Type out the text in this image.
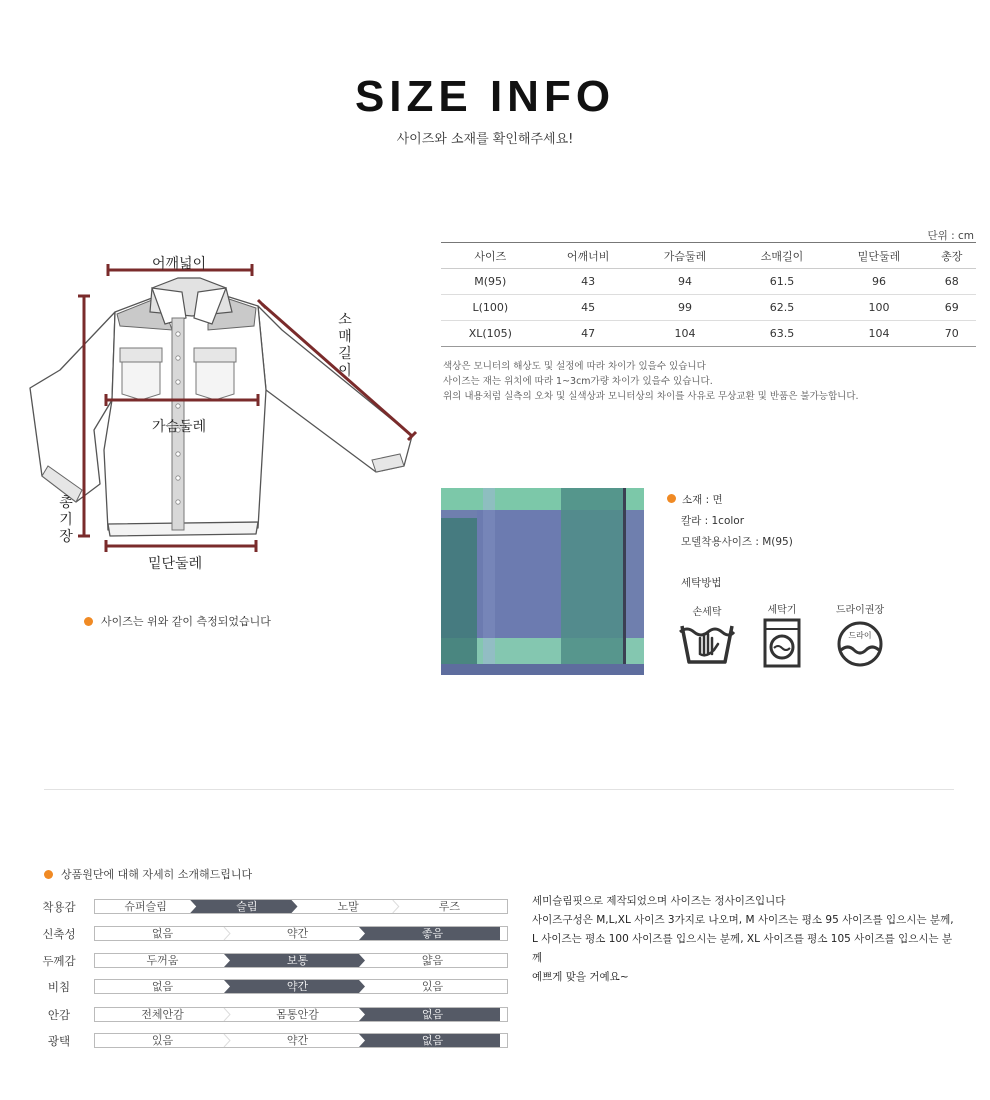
SIZE INFO
사이즈와 소재를 확인해주세요!
어깨넓이
소
매
길
이
가슴둘레
총
기
장
밑단둘레
사이즈는 위와 같이 측정되었습니다
단위 : cm
사이즈	어깨너비	가슴둘레	소매길이	밑단둘레	총장
M(95)	43	94	61.5	96	68
L(100)	45	99	62.5	100	69
XL(105)	47	104	63.5	104	70
색상은 모니터의 해상도 및 설정에 따라 차이가 있을수 있습니다
사이즈는 재는 위치에 따라 1~3cm가량 차이가 있을수 있습니다.
위의 내용처럼 실측의 오차 및 실색상과 모니터상의 차이를 사유로 무상교환 및 반품은 불가능합니다.
소재 : 면
칼라 : 1color
모델착용사이즈 : M(95)
세탁방법
손세탁	세탁기	드라이권장
드라이
상품원단에 대해 자세히 소개해드립니다
착용감	슈퍼슬림	슬림	노말	루즈
신축성	없음	약간	좋음
두께감	두꺼움	보통	얇음
비침	없음	약간	있음
안감	전체안감	몸통안감	없음
광택	있음	약간	없음
세미슬림핏으로 제작되었으며 사이즈는 정사이즈입니다
사이즈구성은 M,L,XL 사이즈 3가지로 나오며, M 사이즈는 평소 95 사이즈를 입으시는 분께,
L 사이즈는 평소 100 사이즈를 입으시는 분께, XL 사이즈를 평소 105 사이즈를 입으시는 분께
예쁘게 맞을 거예요~
